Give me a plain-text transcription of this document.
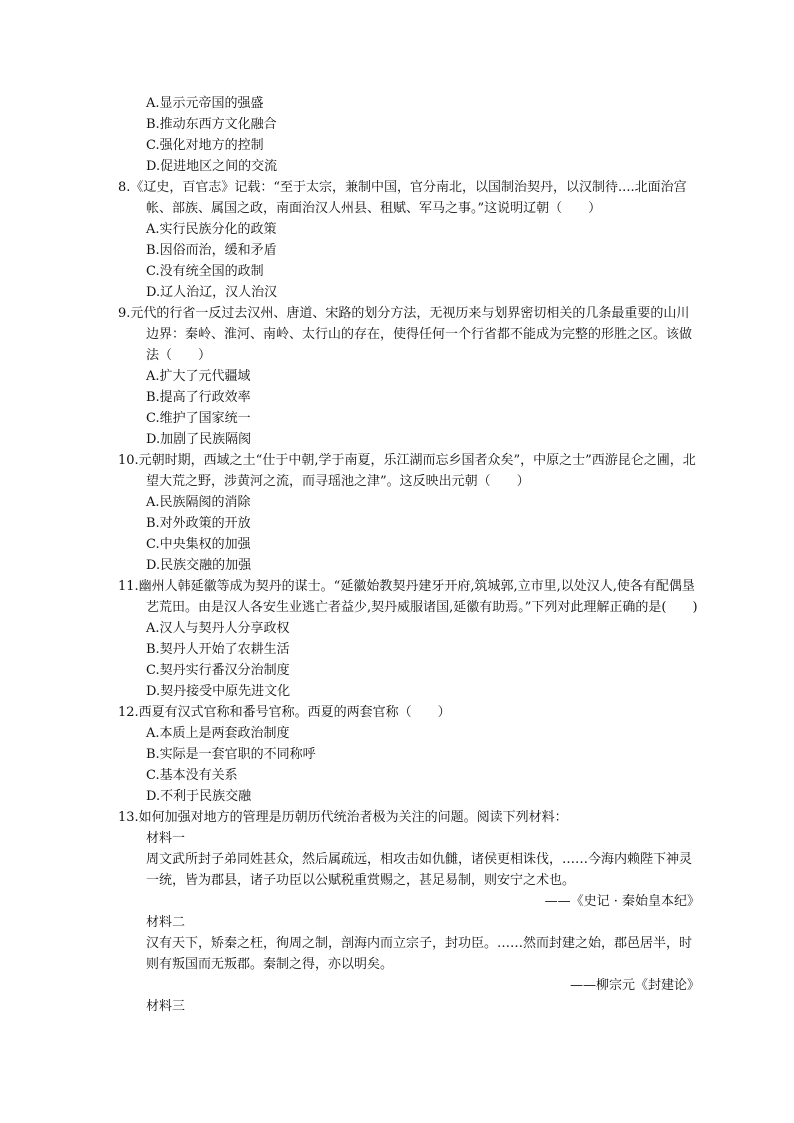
A.显示元帝国的强盛
B.推动东西方文化融合
C.强化对地方的控制
D.促进地区之间的交流
8.《辽史，百官志》记载：“至于太宗，兼制中国，官分南北，以国制治契丹，以汉制待....北面治宫帐、部族、属国之政，南面治汉人州县、租赋、军马之事。”这说明辽朝（　　）
A.实行民族分化的政策
B.因俗而治，缓和矛盾
C.没有统全国的政制
D.辽人治辽，汉人治汉
9.元代的行省一反过去汉州、唐道、宋路的划分方法，无视历来与划界密切相关的几条最重要的山川边界：秦岭、淮河、南岭、太行山的存在，使得任何一个行省都不能成为完整的形胜之区。该做法（　　）
A.扩大了元代疆域
B.提高了行政效率
C.维护了国家统一
D.加剧了民族隔阂
10.元朝时期，西域之土“仕于中朝,学于南夏，乐江湖而忘乡国者众矣”，中原之士”西游昆仑之圃，北望大荒之野，涉黄河之流，而寻瑶池之津”。这反映出元朝（　　）
A.民族隔阂的消除
B.对外政策的开放
C.中央集权的加强
D.民族交融的加强
11.幽州人韩延徽等成为契丹的谋士。“延徽始教契丹建牙开府,筑城郭,立市里,以处汉人,使各有配偶垦艺荒田。由是汉人各安生业逃亡者益少,契丹威服诸国,延徽有助焉。”下列对此理解正确的是(　　)
A.汉人与契丹人分享政权
B.契丹人开始了农耕生活
C.契丹实行番汉分治制度
D.契丹接受中原先进文化
12.西夏有汉式官称和番号官称。西夏的两套官称（　　）
A.本质上是两套政治制度
B.实际是一套官职的不同称呼
C.基本没有关系
D.不利于民族交融
13.如何加强对地方的管理是历朝历代统治者极为关注的问题。阅读下列材料：
材料一
周文武所封子弟同姓甚众，然后属疏远，相攻击如仇雠，诸侯更相诛伐，……今海内赖陛下神灵一统，皆为郡县，诸子功臣以公赋税重赏赐之，甚足易制，则安宁之术也。
——《史记 · 秦始皇本纪》
材料二
汉有天下，矫秦之枉，徇周之制，剖海内而立宗子，封功臣。……然而封建之始，郡邑居半，时则有叛国而无叛郡。秦制之得，亦以明矣。
——柳宗元《封建论》
材料三
